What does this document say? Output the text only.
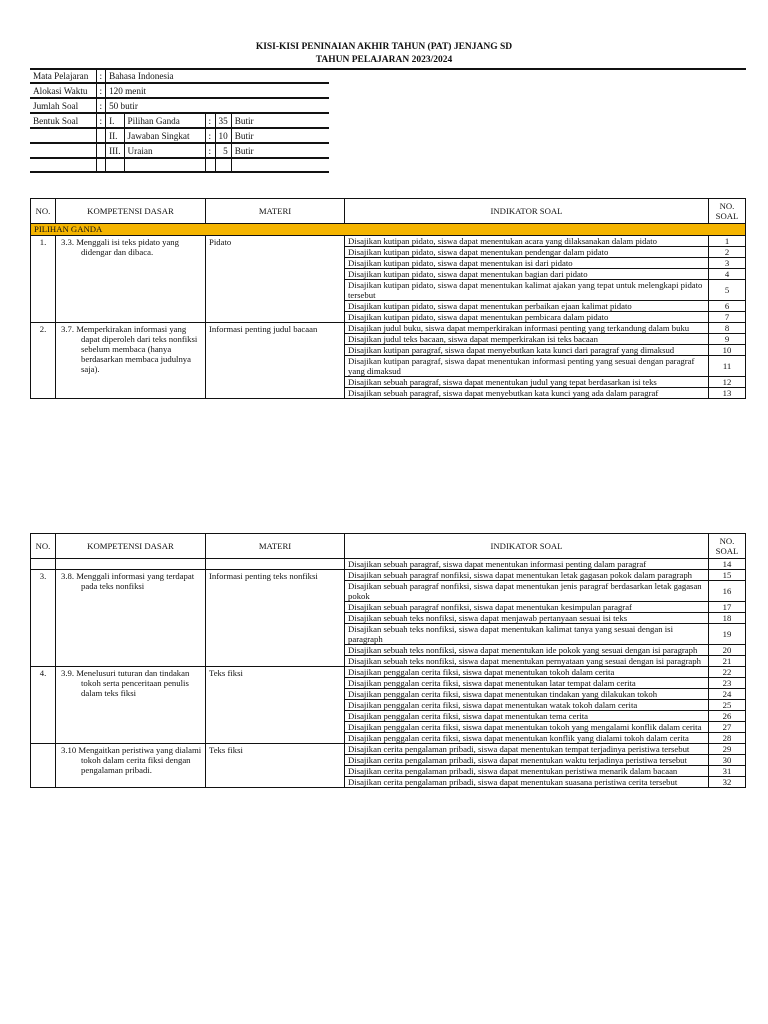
KISI-KISI PENINAIAN AKHIR TAHUN (PAT) JENJANG SD
TAHUN PELAJARAN 2023/2024
Mata Pelajaran	:	Bahasa Indonesia				
Alokasi Waktu	:	120 menit				
Jumlah Soal	:	50 butir				
Bentuk Soal	:	I.	Pilihan Ganda	:	35	Butir
		II.	Jawaban Singkat	:	10	Butir
		III.	Uraian	:	5	Butir

NO.	KOMPETENSI DASAR	MATERI	INDIKATOR SOAL	NO.
SOAL
PILIHAN GANDA				
1.	3.3. Menggali isi teks pidato yang didengar dan dibaca.	Pidato	Disajikan kutipan pidato, siswa dapat menentukan acara yang dilaksanakan dalam pidato	1
			Disajikan kutipan pidato, siswa dapat menentukan pendengar dalam pidato	2
			Disajikan kutipan pidato, siswa dapat menentukan isi dari pidato	3
			Disajikan kutipan pidato, siswa dapat menentukan bagian dari pidato	4
			Disajikan kutipan pidato, siswa dapat menentukan kalimat ajakan yang tepat untuk melengkapi pidato tersebut	5
			Disajikan kutipan pidato, siswa dapat menentukan perbaikan ejaan kalimat pidato	6
			Disajikan kutipan pidato, siswa dapat menentukan pembicara dalam pidato	7
2.	3.7. Memperkirakan informasi yang dapat diperoleh dari teks nonfiksi sebelum membaca (hanya berdasarkan membaca judulnya saja).	Informasi penting judul bacaan	Disajikan judul buku, siswa dapat memperkirakan informasi penting yang terkandung dalam buku	8
			Disajikan judul teks bacaan, siswa dapat memperkirakan isi teks bacaan	9
			Disajikan kutipan paragraf, siswa dapat menyebutkan kata kunci dari paragraf yang dimaksud	10
			Disajikan kutipan paragraf, siswa dapat menentukan informasi penting yang sesuai dengan paragraf yang dimaksud	11
			Disajikan sebuah paragraf, siswa dapat menentukan judul yang tepat berdasarkan isi teks	12
			Disajikan sebuah paragraf, siswa dapat menyebutkan kata kunci yang ada dalam paragraf	13
NO.	KOMPETENSI DASAR	MATERI	INDIKATOR SOAL	NO.
SOAL
			Disajikan sebuah paragraf, siswa dapat menentukan informasi penting dalam paragraf	14
3.	3.8. Menggali informasi yang terdapat pada teks nonfiksi	Informasi penting teks nonfiksi	Disajikan sebuah paragraf nonfiksi, siswa dapat menentukan letak gagasan pokok dalam paragraph	15
			Disajikan sebuah paragraf nonfiksi, siswa dapat menentukan jenis paragraf berdasarkan letak gagasan pokok	16
			Disajikan sebuah paragraf nonfiksi, siswa dapat menentukan kesimpulan paragraf	17
			Disajikan sebuah teks nonfiksi, siswa dapat menjawab pertanyaan sesuai isi teks	18
			Disajikan sebuah teks nonfiksi, siswa dapat menentukan kalimat tanya yang sesuai dengan isi paragraph	19
			Disajikan sebuah teks nonfiksi, siswa dapat menentukan ide pokok yang sesuai dengan isi paragraph	20
			Disajikan sebuah teks nonfiksi, siswa dapat menentukan pernyataan yang sesuai dengan isi paragraph	21
4.	3.9. Menelusuri tuturan dan tindakan tokoh serta penceritaan penulis dalam teks fiksi	Teks fiksi	Disajikan penggalan cerita fiksi, siswa dapat menentukan tokoh dalam cerita	22
			Disajikan penggalan cerita fiksi, siswa dapat menentukan latar tempat dalam cerita	23
			Disajikan penggalan cerita fiksi, siswa dapat menentukan tindakan yang dilakukan tokoh	24
			Disajikan penggalan cerita fiksi, siswa dapat menentukan watak tokoh dalam cerita	25
			Disajikan penggalan cerita fiksi, siswa dapat menentukan tema cerita	26
			Disajikan penggalan cerita fiksi, siswa dapat menentukan tokoh yang mengalami konflik dalam cerita	27
			Disajikan penggalan cerita fiksi, siswa dapat menentukan konflik yang dialami tokoh dalam cerita	28

	3.10 Mengaitkan peristiwa yang dialami tokoh dalam cerita fiksi dengan pengalaman pribadi.	Teks fiksi	Disajikan cerita pengalaman pribadi, siswa dapat menentukan tempat terjadinya peristiwa tersebut	29
			Disajikan cerita pengalaman pribadi, siswa dapat menentukan waktu terjadinya peristiwa tersebut	30
			Disajikan cerita pengalaman pribadi, siswa dapat menentukan peristiwa menarik dalam bacaan	31
			Disajikan cerita pengalaman pribadi, siswa dapat menentukan suasana peristiwa cerita tersebut	32
